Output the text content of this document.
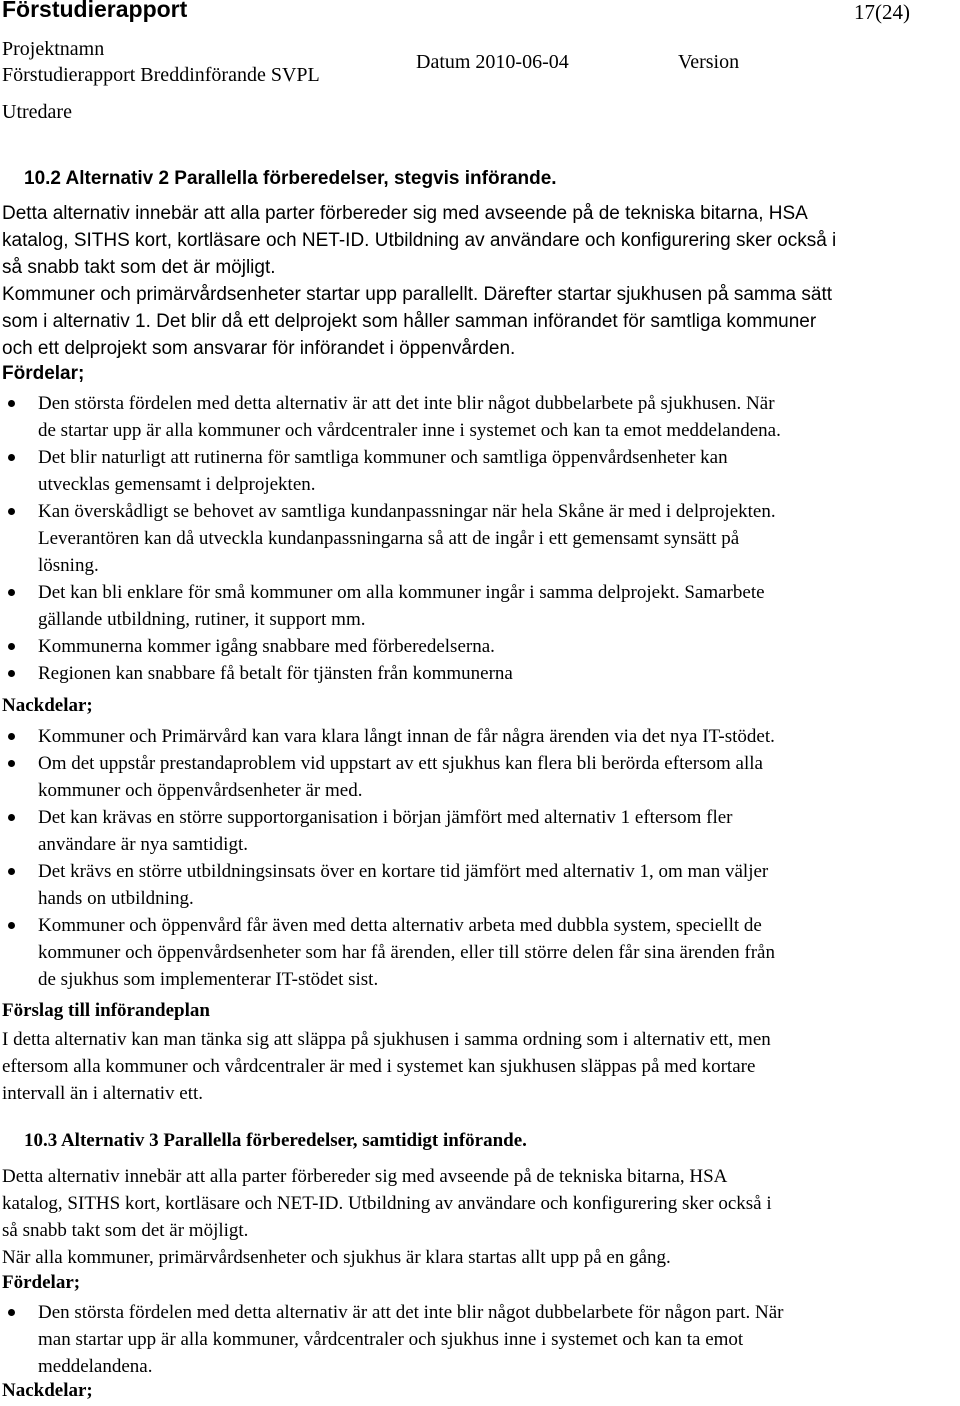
Förstudierapport	17(24)
Projektnamn
Förstudierapport Breddinförande SVPL
Datum 2010-06-04	Version
Utredare
10.2 Alternativ 2 Parallella förberedelser, stegvis införande.
Detta alternativ innebär att alla parter förbereder sig med avseende på de tekniska bitarna, HSA
katalog, SITHS kort, kortläsare och NET-ID. Utbildning av användare och konfigurering sker också i
så snabb takt som det är möjligt.
Kommuner och primärvårdsenheter startar upp parallellt. Därefter startar sjukhusen på samma sätt
som i alternativ 1. Det blir då ett delprojekt som håller samman införandet för samtliga kommuner
och ett delprojekt som ansvarar för införandet i öppenvården.
Fördelar;
Den största fördelen med detta alternativ är att det inte blir något dubbelarbete på sjukhusen. När
de startar upp är alla kommuner och vårdcentraler inne i systemet och kan ta emot meddelandena.
Det blir naturligt att rutinerna för samtliga kommuner och samtliga öppenvårdsenheter kan
utvecklas gemensamt i delprojekten.
Kan överskådligt se behovet av samtliga kundanpassningar när hela Skåne är med i delprojekten.
Leverantören kan då utveckla kundanpassningarna så att de ingår i ett gemensamt synsätt på
lösning.
Det kan bli enklare för små kommuner om alla kommuner ingår i samma delprojekt. Samarbete
gällande utbildning, rutiner, it support mm.
Kommunerna kommer igång snabbare med förberedelserna.
Regionen kan snabbare få betalt för tjänsten från kommunerna
Nackdelar;
Kommuner och Primärvård kan vara klara långt innan de får några ärenden via det nya IT-stödet.
Om det uppstår prestandaproblem vid uppstart av ett sjukhus kan flera bli berörda eftersom alla
kommuner och öppenvårdsenheter är med.
Det kan krävas en större supportorganisation i början jämfört med alternativ 1 eftersom fler
användare är nya samtidigt.
Det krävs en större utbildningsinsats över en kortare tid jämfört med alternativ 1, om man väljer
hands on utbildning.
Kommuner och öppenvård får även med detta alternativ arbeta med dubbla system, speciellt de
kommuner och öppenvårdsenheter som har få ärenden, eller till större delen får sina ärenden från
de sjukhus som implementerar IT-stödet sist.
Förslag till införandeplan
I detta alternativ kan man tänka sig att släppa på sjukhusen i samma ordning som i alternativ ett, men
eftersom alla kommuner och vårdcentraler är med i systemet kan sjukhusen släppas på med kortare
intervall än i alternativ ett.
10.3 Alternativ 3 Parallella förberedelser, samtidigt införande.
Detta alternativ innebär att alla parter förbereder sig med avseende på de tekniska bitarna, HSA
katalog, SITHS kort, kortläsare och NET-ID. Utbildning av användare och konfigurering sker också i
så snabb takt som det är möjligt.
När alla kommuner, primärvårdsenheter och sjukhus är klara startas allt upp på en gång.
Fördelar;
Den största fördelen med detta alternativ är att det inte blir något dubbelarbete för någon part. När
man startar upp är alla kommuner, vårdcentraler och sjukhus inne i systemet och kan ta emot
meddelandena.
Nackdelar;
